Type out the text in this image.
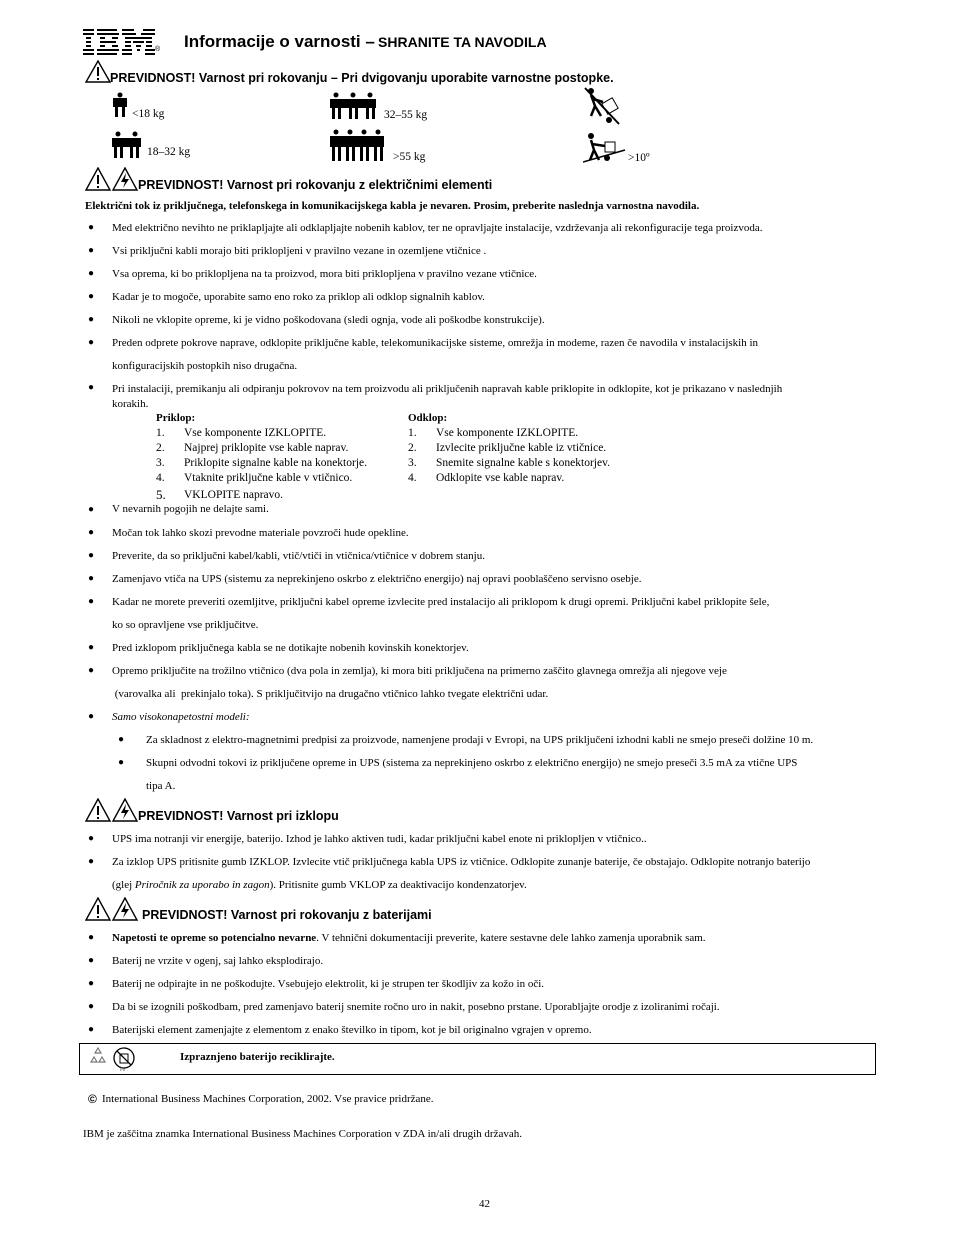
® Informacije o varnosti – SHRANITE TA NAVODILA
PREVIDNOST! Varnost pri rokovanju – Pri dvigovanju uporabite varnostne postopke.
<18 kg
18–32 kg
32–55 kg
>55 kg	>10º
PREVIDNOST! Varnost pri rokovanju z električnimi elementi
Električni tok iz priključnega, telefonskega in komunikacijskega kabla je nevaren. Prosim, preberite naslednja varnostna navodila.
● Med električno nevihto ne priklapljajte ali odklapljajte nobenih kablov, ter ne opravljajte instalacije, vzdrževanja ali rekonfiguracije tega proizvoda.
● Vsi priključni kabli morajo biti priklopljeni v pravilno vezane in ozemljene vtičnice .
● Vsa oprema, ki bo priklopljena na ta proizvod, mora biti priklopljena v pravilno vezane vtičnice.
● Kadar je to mogoče, uporabite samo eno roko za priklop ali odklop signalnih kablov.
● Nikoli ne vklopite opreme, ki je vidno poškodovana (sledi ognja, vode ali poškodbe konstrukcije).
● Preden odprete pokrove naprave, odklopite priključne kable, telekomunikacijske sisteme, omrežja in modeme, razen če navodila v instalacijskih in
konfiguracijskih postopkih niso drugačna.
● Pri instalaciji, premikanju ali odpiranju pokrovov na tem proizvodu ali priključenih napravah kable priklopite in odklopite, kot je prikazano v naslednjih
korakih.
Priklop:
1. Vse komponente IZKLOPITE.
2. Najprej priklopite vse kable naprav.
3. Priklopite signalne kable na konektorje.
4. Vtaknite priključne kable v vtičnico.
5. VKLOPITE napravo.
Odklop:
1. Vse komponente IZKLOPITE.
2. Izvlecite priključne kable iz vtičnice.
3. Snemite signalne kable s konektorjev.
4. Odklopite vse kable naprav.
● V nevarnih pogojih ne delajte sami.
● Močan tok lahko skozi prevodne materiale povzroči hude opekline.
● Preverite, da so priključni kabel/kabli, vtič/vtiči in vtičnica/vtičnice v dobrem stanju.
● Zamenjavo vtiča na UPS (sistemu za neprekinjeno oskrbo z električno energijo) naj opravi pooblaščeno servisno osebje.
● Kadar ne morete preveriti ozemljitve, priključni kabel opreme izvlecite pred instalacijo ali priklopom k drugi opremi. Priključni kabel priklopite šele,
ko so opravljene vse priključitve.
● Pred izklopom priključnega kabla se ne dotikajte nobenih kovinskih konektorjev.
● Opremo priključite na trožilno vtičnico (dva pola in zemlja), ki mora biti priključena na primerno zaščito glavnega omrežja ali njegove veje
(varovalka ali  prekinjalo toka). S priključitvijo na drugačno vtičnico lahko tvegate električni udar.
● Samo visokonapetostni modeli:
● Za skladnost z elektro-magnetnimi predpisi za proizvode, namenjene prodaji v Evropi, na UPS priključeni izhodni kabli ne smejo preseči dolžine 10 m.
● Skupni odvodni tokovi iz priključene opreme in UPS (sistema za neprekinjeno oskrbo z električno energijo) ne smejo preseči 3.5 mA za vtične UPS
tipa A.
PREVIDNOST! Varnost pri izklopu
● UPS ima notranji vir energije, baterijo. Izhod je lahko aktiven tudi, kadar priključni kabel enote ni priklopljen v vtičnico..
● Za izklop UPS pritisnite gumb IZKLOP. Izvlecite vtič priključnega kabla UPS iz vtičnice. Odklopite zunanje baterije, če obstajajo. Odklopite notranjo baterijo
(glej Priročnik za uporabo in zagon). Pritisnite gumb VKLOP za deaktivacijo kondenzatorjev.
PREVIDNOST! Varnost pri rokovanju z baterijami
● Napetosti te opreme so potencialno nevarne. V tehnični dokumentaciji preverite, katere sestavne dele lahko zamenja uporabnik sam.
● Baterij ne vrzite v ogenj, saj lahko eksplodirajo.
● Baterij ne odpirajte in ne poškodujte. Vsebujejo elektrolit, ki je strupen ter škodljiv za kožo in oči.
● Da bi se izognili poškodbam, pred zamenjavo baterij snemite ročno uro in nakit, posebno prstane. Uporabljajte orodje z izoliranimi ročaji.
● Baterijski element zamenjajte z elementom z enako številko in tipom, kot je bil originalno vgrajen v opremo.
Pb
Izpraznjeno baterijo reciklirajte.
© International Business Machines Corporation, 2002. Vse pravice pridržane.
IBM je zaščitna znamka International Business Machines Corporation v ZDA in/ali drugih državah.
42
